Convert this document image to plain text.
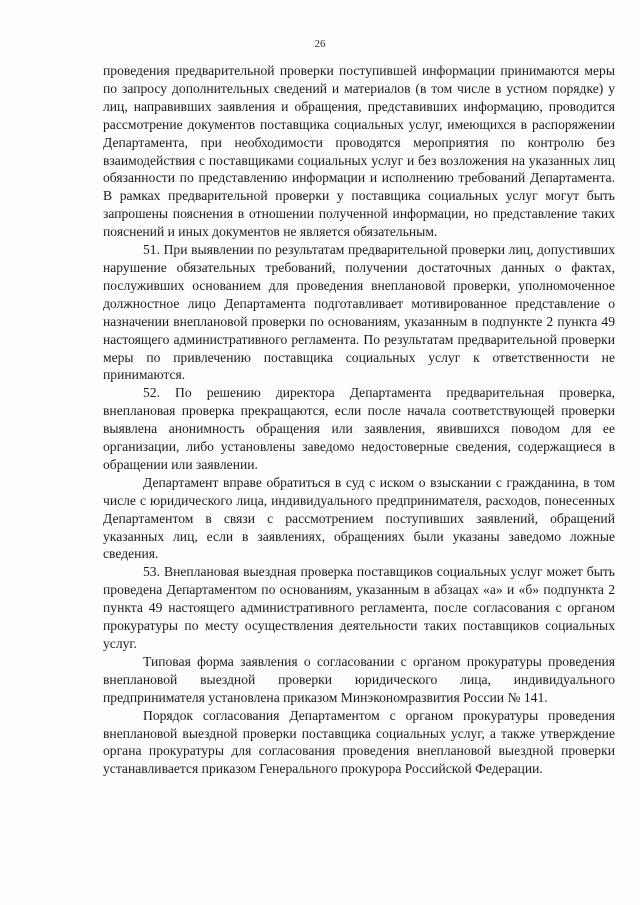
26

проведения предварительной проверки поступившей информации принимаются меры по запросу дополнительных сведений и материалов (в том числе в устном порядке) у лиц, направивших заявления и обращения, представивших информацию, проводится рассмотрение документов поставщика социальных услуг, имеющихся в распоряжении Департамента, при необходимости проводятся мероприятия по контролю без взаимодействия с поставщиками социальных услуг и без возложения на указанных лиц обязанности по представлению информации и исполнению требований Департамента. В рамках предварительной проверки у поставщика социальных услуг могут быть запрошены пояснения в отношении полученной информации, но представление таких пояснений и иных документов не является обязательным.

51. При выявлении по результатам предварительной проверки лиц, допустивших нарушение обязательных требований, получении достаточных данных о фактах, послуживших основанием для проведения внеплановой проверки, уполномоченное должностное лицо Департамента подготавливает мотивированное представление о назначении внеплановой проверки по основаниям, указанным в подпункте 2 пункта 49 настоящего административного регламента. По результатам предварительной проверки меры по привлечению поставщика социальных услуг к ответственности не принимаются.

52. По решению директора Департамента предварительная проверка, внеплановая проверка прекращаются, если после начала соответствующей проверки выявлена анонимность обращения или заявления, явившихся поводом для ее организации, либо установлены заведомо недостоверные сведения, содержащиеся в обращении или заявлении.

Департамент вправе обратиться в суд с иском о взыскании с гражданина, в том числе с юридического лица, индивидуального предпринимателя, расходов, понесенных Департаментом в связи с рассмотрением поступивших заявлений, обращений указанных лиц, если в заявлениях, обращениях были указаны заведомо ложные сведения.

53. Внеплановая выездная проверка поставщиков социальных услуг может быть проведена Департаментом по основаниям, указанным в абзацах «а» и «б» подпункта 2 пункта 49 настоящего административного регламента, после согласования с органом прокуратуры по месту осуществления деятельности таких поставщиков социальных услуг.

Типовая форма заявления о согласовании с органом прокуратуры проведения внеплановой выездной проверки юридического лица, индивидуального предпринимателя установлена приказом Минэкономразвития России № 141.

Порядок согласования Департаментом с органом прокуратуры проведения внеплановой выездной проверки поставщика социальных услуг, а также утверждение органа прокуратуры для согласования проведения внеплановой выездной проверки устанавливается приказом Генерального прокурора Российской Федерации.
